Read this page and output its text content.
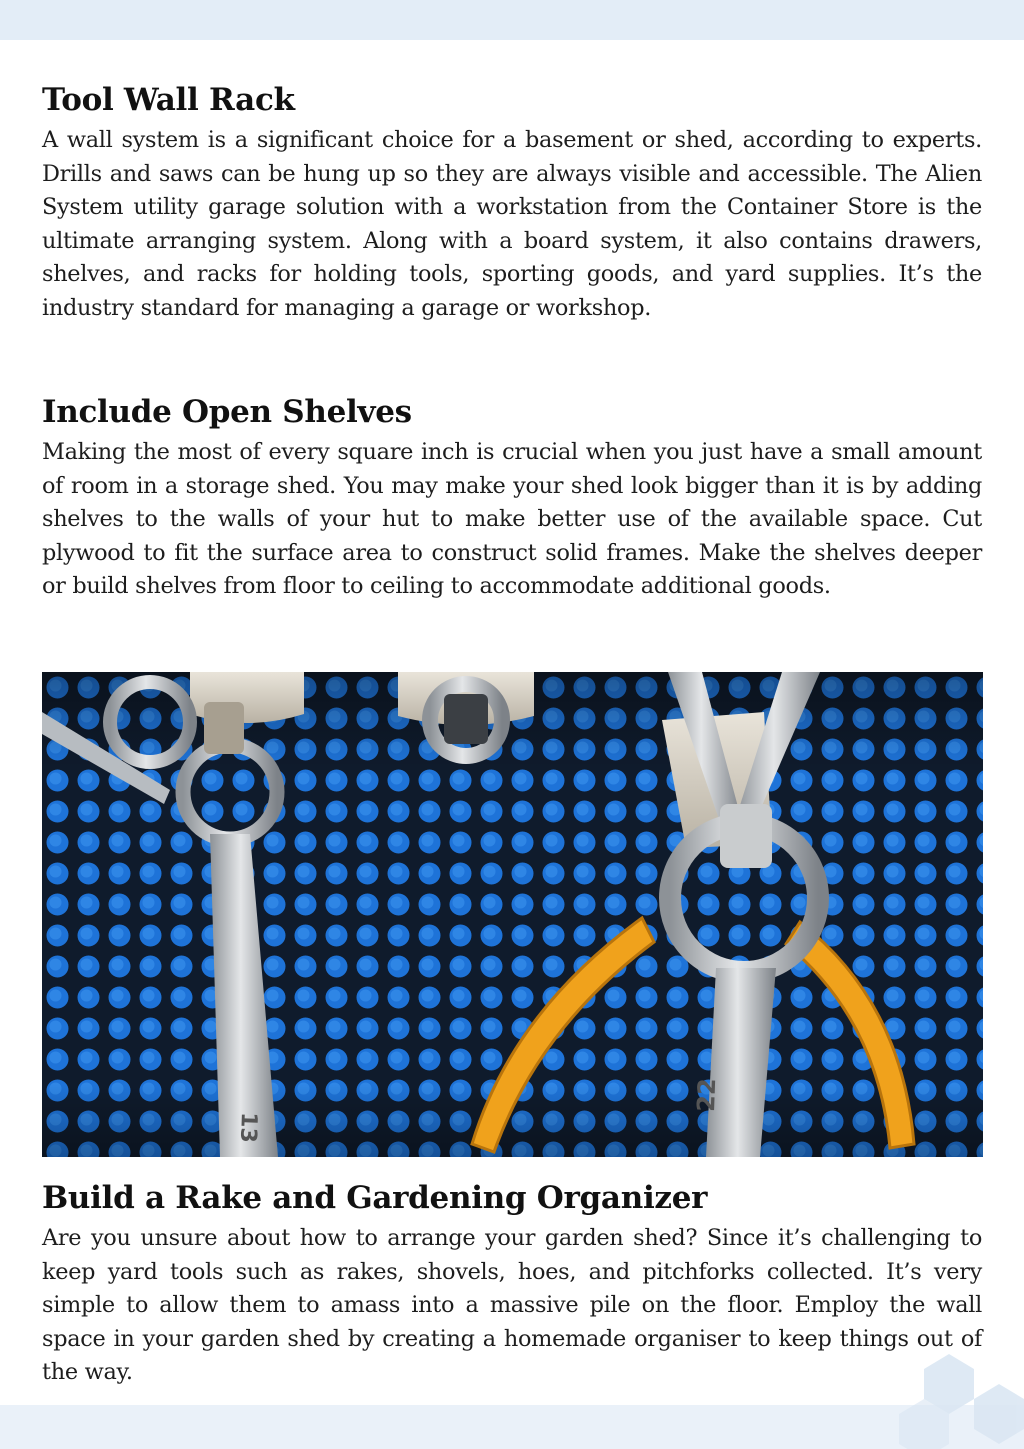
Tool Wall Rack

A wall system is a significant choice for a basement or shed, according to experts. Drills and saws can be hung up so they are always visible and accessible. The Alien System utility garage solution with a workstation from the Container Store is the ultimate arranging system. Along with a board system, it also contains drawers, shelves, and racks for holding tools, sporting goods, and yard supplies. It’s the industry standard for managing a garage or workshop.

Include Open Shelves

Making the most of every square inch is crucial when you just have a small amount of room in a storage shed. You may make your shed look bigger than it is by adding shelves to the walls of your hut to make better use of the available space. Cut plywood to fit the surface area to construct solid frames. Make the shelves deeper or build shelves from floor to ceiling to accommodate additional goods.

13
22
Build a Rake and Gardening Organizer

Are you unsure about how to arrange your garden shed? Since it’s challenging to keep yard tools such as rakes, shovels, hoes, and pitchforks collected. It’s very simple to allow them to amass into a massive pile on the floor. Employ the wall space in your garden shed by creating a homemade organiser to keep things out of the way.
